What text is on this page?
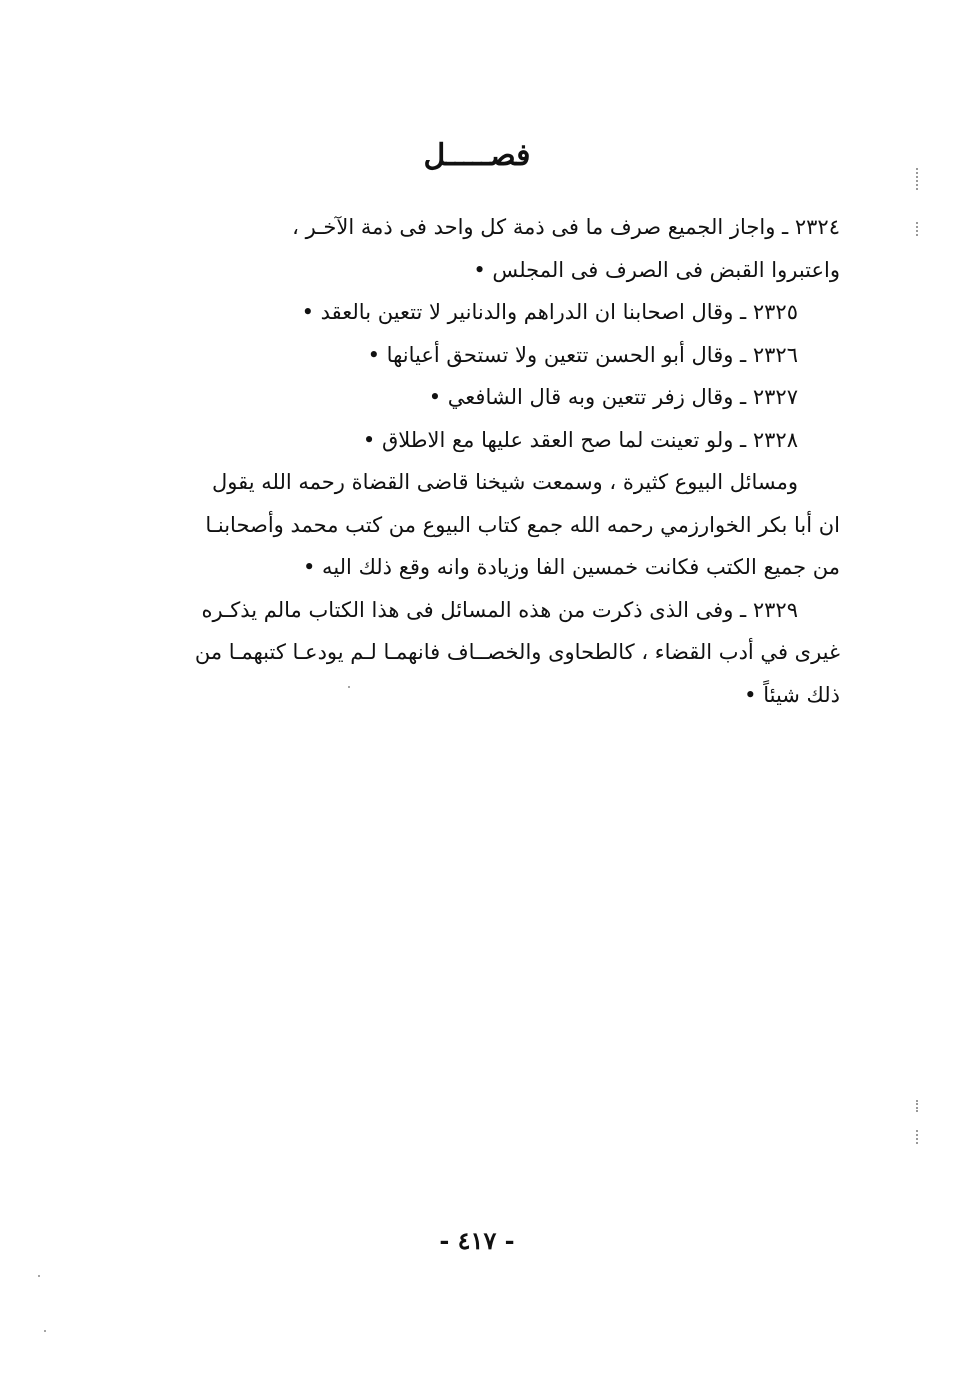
فصـــــل
٢٣٢٤ ـ واجاز الجميع صرف ما فى ذمة كل واحد فى ذمة الآخـر ،
واعتبروا القبض فى الصرف فى المجلس •
٢٣٢٥ ـ وقال اصحابنا ان الدراهم والدنانير لا تتعين بالعقد •
٢٣٢٦ ـ وقال أبو الحسن تتعين ولا تستحق أعيانها •
٢٣٢٧ ـ وقال زفر تتعين وبه قال الشافعي •
٢٣٢٨ ـ ولو تعينت لما صح العقد عليها مع الاطلاق •
ومسائل البيوع كثيرة ، وسمعت شيخنا قاضى القضاة رحمه الله يقول
ان أبا بكر الخوارزمي رحمه الله جمع كتاب البيوع من كتب محمد وأصحابنـا
من جميع الكتب فكانت خمسين الفا وزيادة وانه وقع ذلك اليه •
٢٣٢٩ ـ وفى الذى ذكرت من هذه المسائل فى هذا الكتاب مالم يذكـره
غيرى في أدب القضاء ، كالطحاوى والخصــاف فانهمـا لـم يودعـا كتبهمـا من
ذلك شيئاً •
- ٤١٧ -
